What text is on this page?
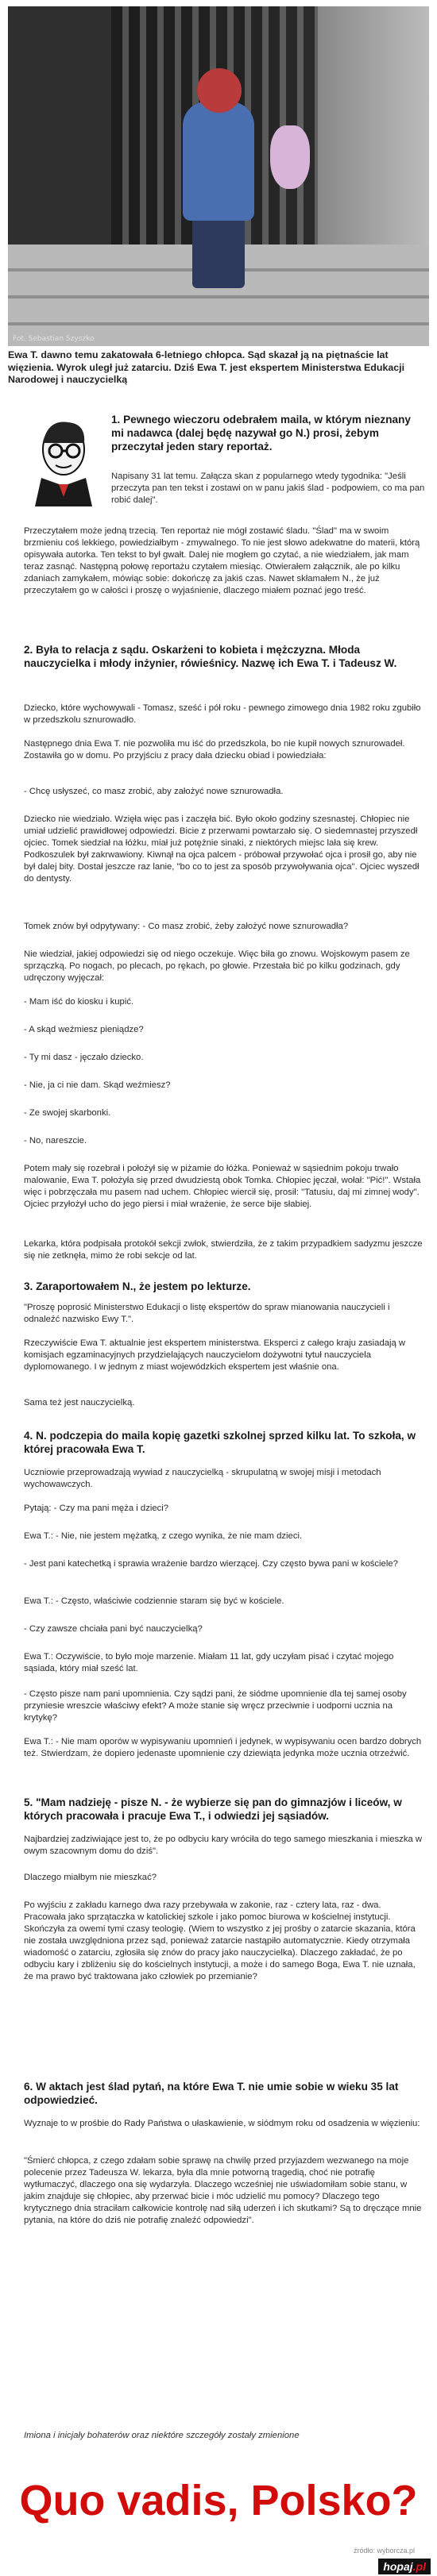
Fot. Sebastian Szyszko
Ewa T. dawno temu zakatowała 6-letniego chłopca. Sąd skazał ją na piętnaście lat więzienia. Wyrok uległ już zatarciu. Dziś Ewa T. jest ekspertem Ministerstwa Edukacji Narodowej i nauczycielką
1. Pewnego wieczoru odebrałem maila, w którym nieznany mi nadawca (dalej będę nazywał go N.) prosi, żebym przeczytał jeden stary reportaż.

Napisany 31 lat temu. Załącza skan z popularnego wtedy tygodnika: "Jeśli przeczyta pan ten tekst i zostawi on w panu jakiś ślad - podpowiem, co ma pan robić dalej".

Przeczytałem może jedną trzecią. Ten reportaż nie mógł zostawić śladu. "Ślad" ma w swoim brzmieniu coś lekkiego, powiedziałbym - zmywalnego. To nie jest słowo adekwatne do materii, którą opisywała autorka. Ten tekst to był gwałt. Dalej nie mogłem go czytać, a nie wiedziałem, jak mam teraz zasnąć. Następną połowę reportażu czytałem miesiąc. Otwierałem załącznik, ale po kilku zdaniach zamykałem, mówiąc sobie: dokończę za jakiś czas. Nawet skłamałem N., że już przeczytałem go w całości i proszę o wyjaśnienie, dlaczego miałem poznać jego treść.

2. Była to relacja z sądu. Oskarżeni to kobieta i mężczyzna. Młoda nauczycielka i młody inżynier, rówieśnicy. Nazwę ich Ewa T. i Tadeusz W.

Dziecko, które wychowywali - Tomasz, sześć i pół roku - pewnego zimowego dnia 1982 roku zgubiło w przedszkolu sznurowadło.

Następnego dnia Ewa T. nie pozwoliła mu iść do przedszkola, bo nie kupił nowych sznurowadeł. Zostawiła go w domu. Po przyjściu z pracy dała dziecku obiad i powiedziała:

- Chcę usłyszeć, co masz zrobić, aby założyć nowe sznurowadła.

Dziecko nie wiedziało. Wzięła więc pas i zaczęła bić. Było około godziny szesnastej. Chłopiec nie umiał udzielić prawidłowej odpowiedzi. Bicie z przerwami powtarzało się. O siedemnastej przyszedł ojciec. Tomek siedział na łóżku, miał już potężnie sinaki, z niektórych miejsc lała się krew. Podkoszulek był zakrwawiony. Kiwnął na ojca palcem - próbował przywołać ojca i prosił go, aby nie był dalej bity. Dostał jeszcze raz lanie, "bo co to jest za sposób przywoływania ojca". Ojciec wyszedł do dentysty.

Tomek znów był odpytywany: - Co masz zrobić, żeby założyć nowe sznurowadła?

Nie wiedział, jakiej odpowiedzi się od niego oczekuje. Więc biła go znowu. Wojskowym pasem ze sprzączką. Po nogach, po plecach, po rękach, po głowie. Przestała bić po kilku godzinach, gdy udręczony wyjęczał:

- Mam iść do kiosku i kupić.

- A skąd weźmiesz pieniądze?

- Ty mi dasz - jęczało dziecko.

- Nie, ja ci nie dam. Skąd weźmiesz?

- Ze swojej skarbonki.

- No, nareszcie.

Potem mały się rozebrał i położył się w piżamie do łóżka. Ponieważ w sąsiednim pokoju trwało malowanie, Ewa T. położyła się przed dwudziestą obok Tomka. Chłopiec jęczał, wołał: "Pić!". Wstała więc i pobrzęczała mu pasem nad uchem. Chłopiec wiercił się, prosił: "Tatusiu, daj mi zimnej wody". Ojciec przyłożył ucho do jego piersi i miał wrażenie, że serce bije słabiej.

Lekarka, która podpisała protokół sekcji zwłok, stwierdziła, że z takim przypadkiem sadyzmu jeszcze się nie zetknęła, mimo że robi sekcje od lat.

3. Zaraportowałem N., że jestem po lekturze.

"Proszę poprosić Ministerstwo Edukacji o listę ekspertów do spraw mianowania nauczycieli i odnaleźć nazwisko Ewy T.".

Rzeczywiście Ewa T. aktualnie jest ekspertem ministerstwa. Eksperci z całego kraju zasiadają w komisjach egzaminacyjnych przydzielających nauczycielom dożywotni tytuł nauczyciela dyplomowanego. I w jednym z miast wojewódzkich ekspertem jest właśnie ona.

Sama też jest nauczycielką.

4. N. podczepia do maila kopię gazetki szkolnej sprzed kilku lat. To szkoła, w której pracowała Ewa T.

Uczniowie przeprowadzają wywiad z nauczycielką - skrupulatną w swojej misji i metodach wychowawczych.

Pytają: - Czy ma pani męża i dzieci?

Ewa T.: - Nie, nie jestem mężatką, z czego wynika, że nie mam dzieci.

- Jest pani katechetką i sprawia wrażenie bardzo wierzącej. Czy często bywa pani w kościele?

Ewa T.: - Często, właściwie codziennie staram się być w kościele.

- Czy zawsze chciała pani być nauczycielką?

Ewa T.: Oczywiście, to było moje marzenie. Miałam 11 lat, gdy uczyłam pisać i czytać mojego sąsiada, który miał sześć lat.

- Często pisze nam pani upomnienia. Czy sądzi pani, że siódme upomnienie dla tej samej osoby przyniesie wreszcie właściwy efekt? A może stanie się wręcz przeciwnie i uodporni ucznia na krytykę?

Ewa T.: - Nie mam oporów w wypisywaniu upomnień i jedynek, w wypisywaniu ocen bardzo dobrych też. Stwierdzam, że dopiero jedenaste upomnienie czy dziewiąta jedynka może ucznia otrzeźwić.

5. "Mam nadzieję - pisze N. - że wybierze się pan do gimnazjów i liceów, w których pracowała i pracuje Ewa T., i odwiedzi jej sąsiadów.

Najbardziej zadziwiające jest to, że po odbyciu kary wróciła do tego samego mieszkania i mieszka w owym szacownym domu do dziś".

Dlaczego miałbym nie mieszkać?

Po wyjściu z zakładu karnego dwa razy przebywała w zakonie, raz - cztery lata, raz - dwa. Pracowała jako sprzątaczka w katolickiej szkole i jako pomoc biurowa w kościelnej instytucji. Skończyła za owemi tymi czasy teologię. (Wiem to wszystko z jej prośby o zatarcie skazania, która nie została uwzględniona przez sąd, ponieważ zatarcie nastąpiło automatycznie. Kiedy otrzymała wiadomość o zatarciu, zgłosiła się znów do pracy jako nauczycielka). Dlaczego zakładać, że po odbyciu kary i zbliżeniu się do kościelnych instytucji, a może i do samego Boga, Ewa T. nie uznała, że ma prawo być traktowana jako człowiek po przemianie?

6. W aktach jest ślad pytań, na które Ewa T. nie umie sobie w wieku 35 lat odpowiedzieć.

Wyznaje to w prośbie do Rady Państwa o ułaskawienie, w siódmym roku od osadzenia w więzieniu:

"Śmierć chłopca, z czego zdałam sobie sprawę na chwilę przed przyjazdem wezwanego na moje polecenie przez Tadeusza W. lekarza, była dla mnie potworną tragedią, choć nie potrafię wytłumaczyć, dlaczego ona się wydarzyła. Dlaczego wcześniej nie uświadomiłam sobie stanu, w jakim znajduje się chłopiec, aby przerwać bicie i móc udzielić mu pomocy? Dlaczego tego krytycznego dnia straciłam całkowicie kontrolę nad siłą uderzeń i ich skutkami? Są to dręczące mnie pytania, na które do dziś nie potrafię znaleźć odpowiedzi".

Imiona i inicjały bohaterów oraz niektóre szczegóły zostały zmienione
Quo vadis, Polsko?
źródło: wyborcza.pl
hopaj.pl
